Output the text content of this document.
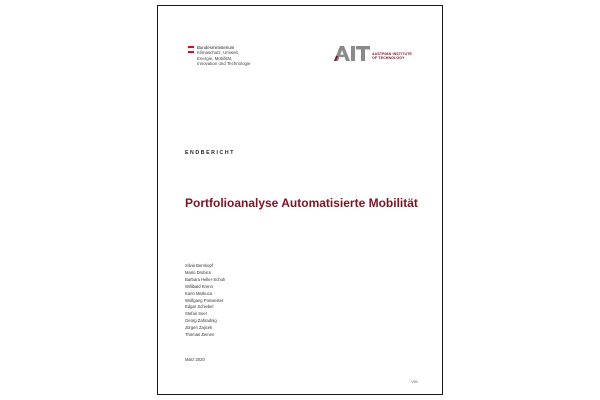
Bundesministerium
Klimaschutz, Umwelt,
Energie, Mobilität,
Innovation und Technologie
AUSTRIAN INSTITUTE
OF TECHNOLOGY
ENDBERICHT
Portfolioanalyse Automatisierte Mobilität
Silvia Bernkopf
Mario Drobics
Barbara Heller-Schuh
Willibald Krenn
Karin Markuca
Wolfgang Ponweiser
Edgar Schiebel
Stefan Seer
Georg Zahradnig
Jürgen Zajicek
Thomas Zemen
März 2020
V01
